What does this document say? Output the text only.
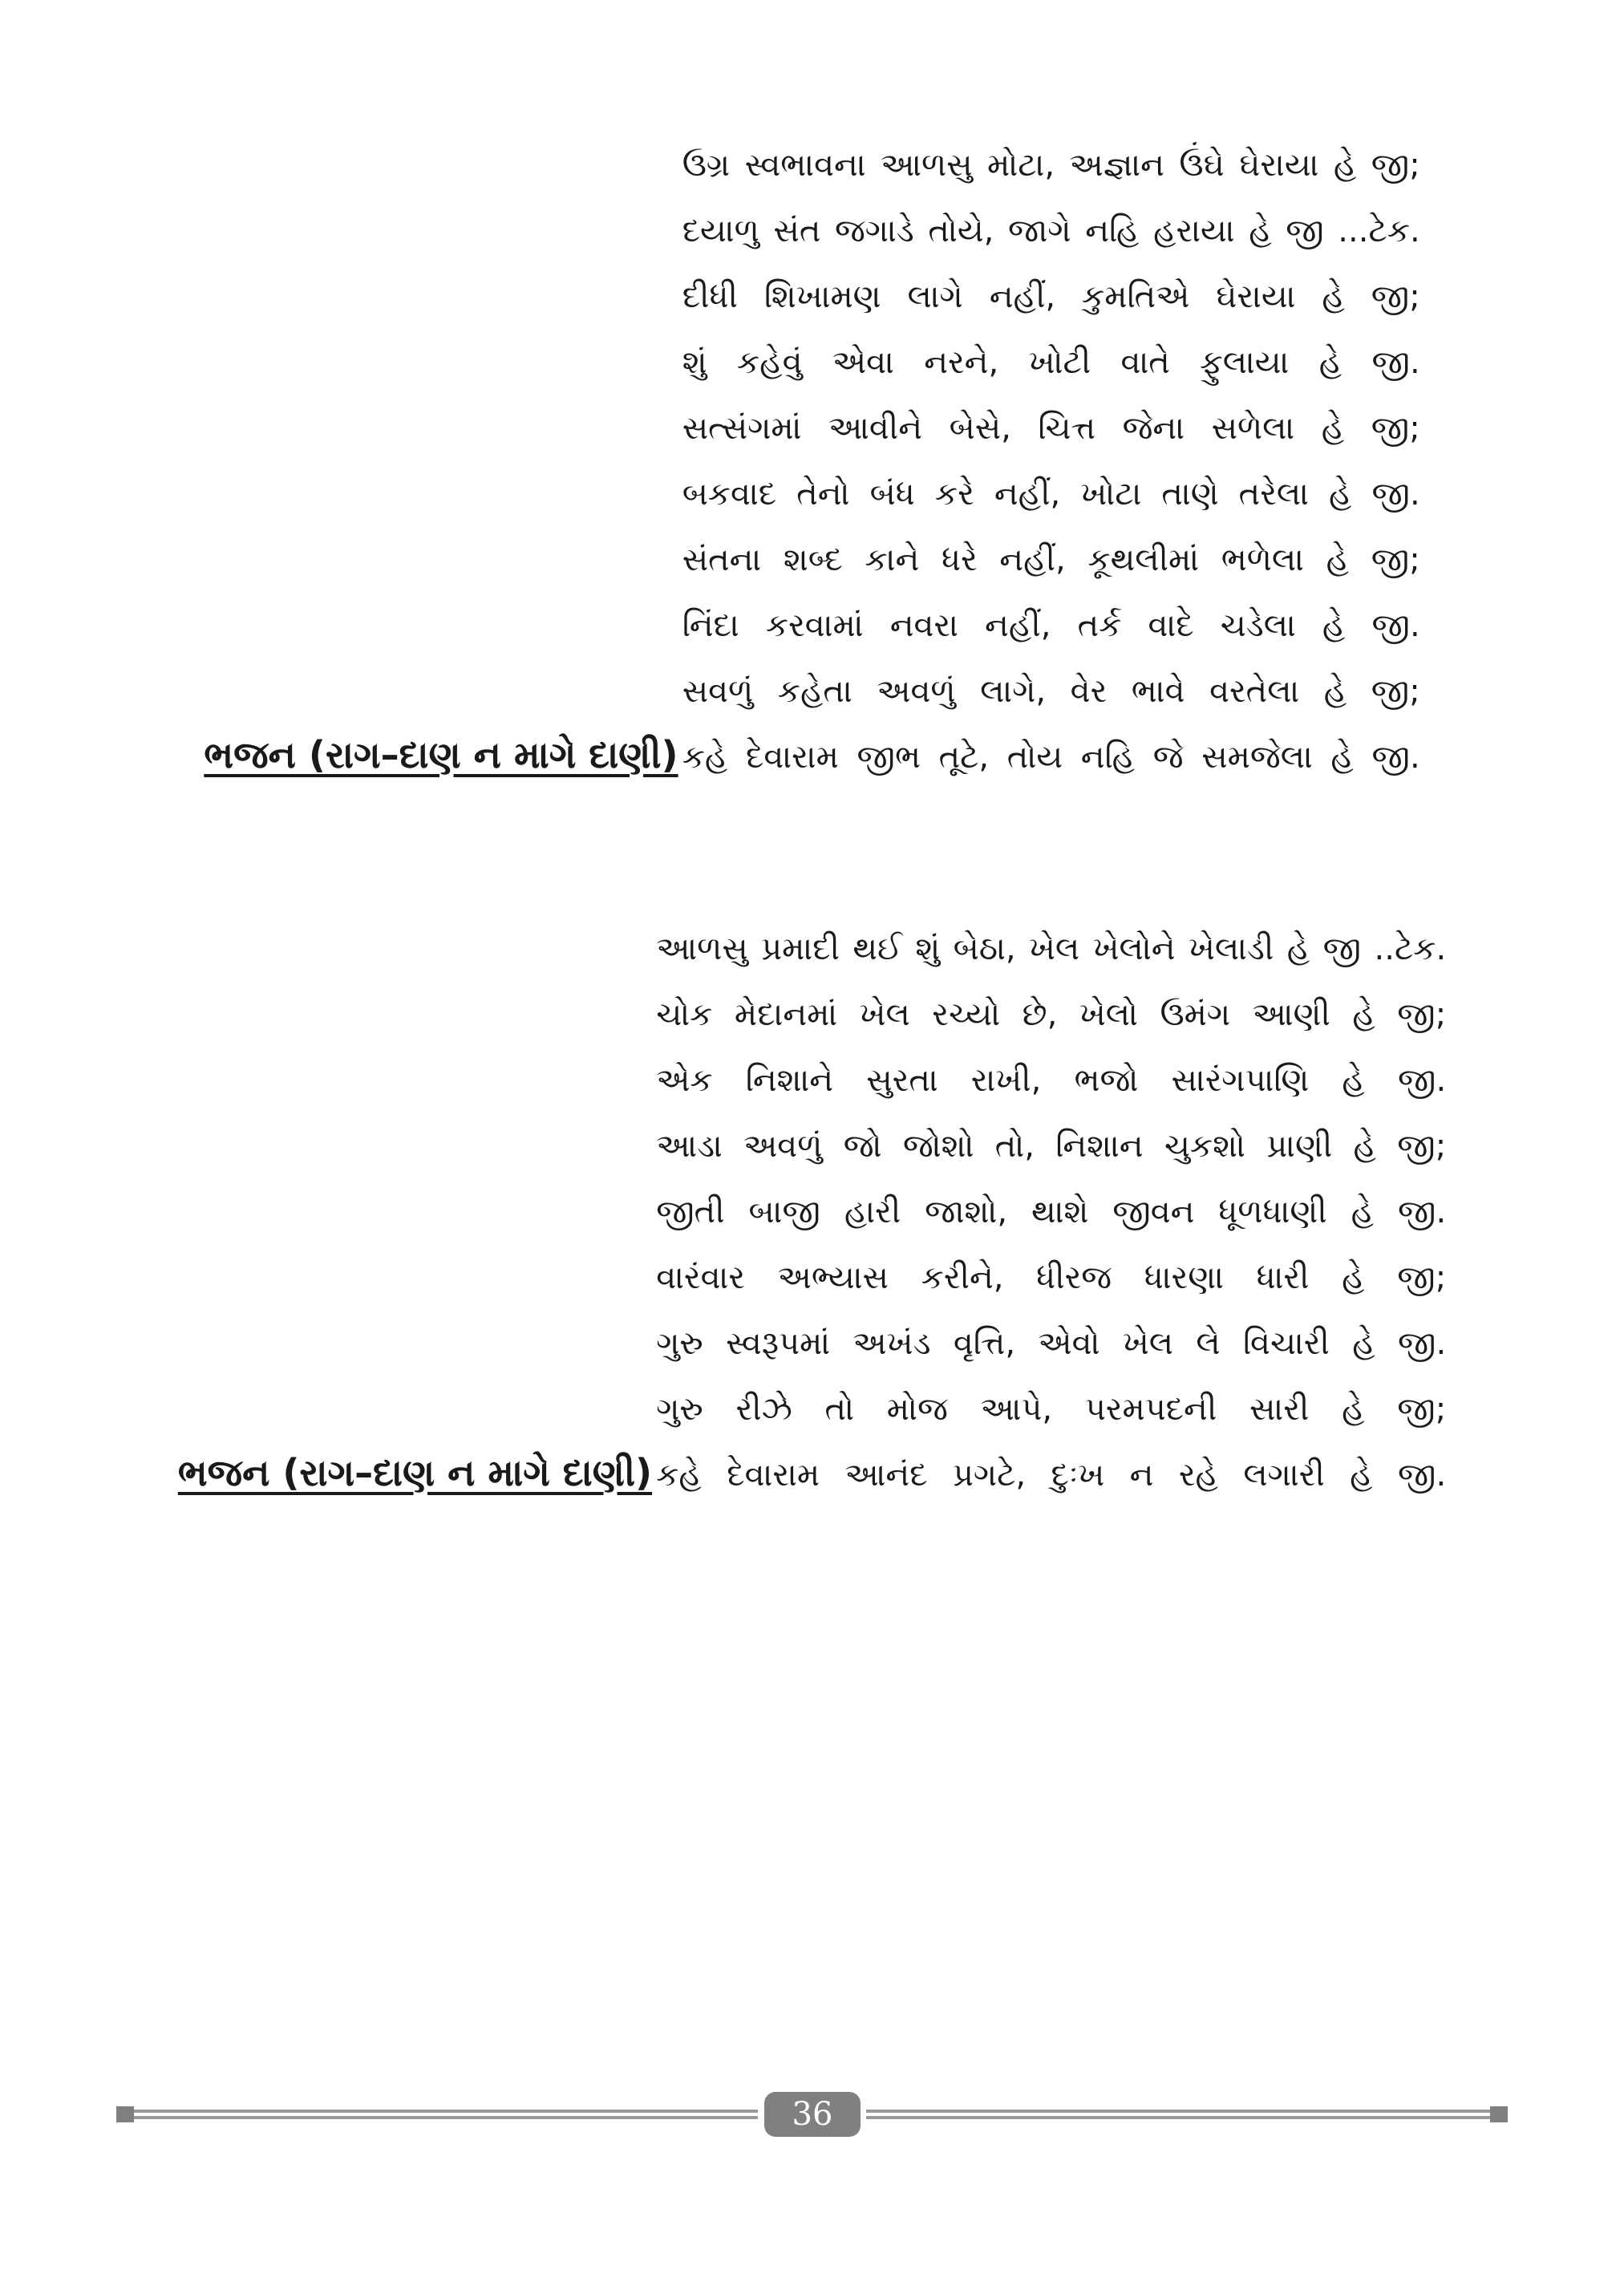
ભજન (રાગ–દાણ ન માગે દાણી)
ઉગ્ર સ્વભાવના આળસુ મોટા, અજ્ઞાન ઉંઘે ઘેરાયા હે જી;
દયાળુ સંત જગાડે તોયે, જાગે નહિ હરાયા હે જી ...ટેક.
દીધી શિખામણ લાગે નહીં, કુમતિએ ઘેરાયા હે જી;
શું કહેવું એવા નરને, ખોટી વાતે ફુલાયા હે જી.
સત્સંગમાં આવીને બેસે, ચિત્ત જેના સળેલા હે જી;
બકવાદ તેનો બંધ કરે નહીં, ખોટા તાણે તરેલા હે જી.
સંતના શબ્દ કાને ધરે નહીં, કૂથલીમાં ભળેલા હે જી;
નિંદા કરવામાં નવરા નહીં, તર્ક વાદે ચડેલા હે જી.
સવળું કહેતા અવળું લાગે, વેર ભાવે વરતેલા હે જી;
કહે દેવારામ જીભ તૂટે, તોય નહિ જે સમજેલા હે જી.
ભજન (રાગ–દાણ ન માગે દાણી)
આળસુ પ્રમાદી થઈ શું બેઠા, ખેલ ખેલોને ખેલાડી હે જી ..ટેક.
ચોક મેદાનમાં ખેલ રચ્યો છે, ખેલો ઉમંગ આણી હે જી;
એક નિશાને સુરતા રાખી, ભજો સારંગપાણિ હે જી.
આડા અવળું જો જોશો તો, નિશાન ચુકશો પ્રાણી હે જી;
જીતી બાજી હારી જાશો, થાશે જીવન ધૂળધાણી હે જી.
વારંવાર અભ્યાસ કરીને, ધીરજ ધારણા ધારી હે જી;
ગુરુ સ્વરૂપમાં અખંડ વૃત્તિ, એવો ખેલ લે વિચારી હે જી.
ગુરુ રીઝે તો મોજ આપે, પરમપદની સારી હે જી;
કહે દેવારામ આનંદ પ્રગટે, દુઃખ ન રહે લગારી હે જી.
36
